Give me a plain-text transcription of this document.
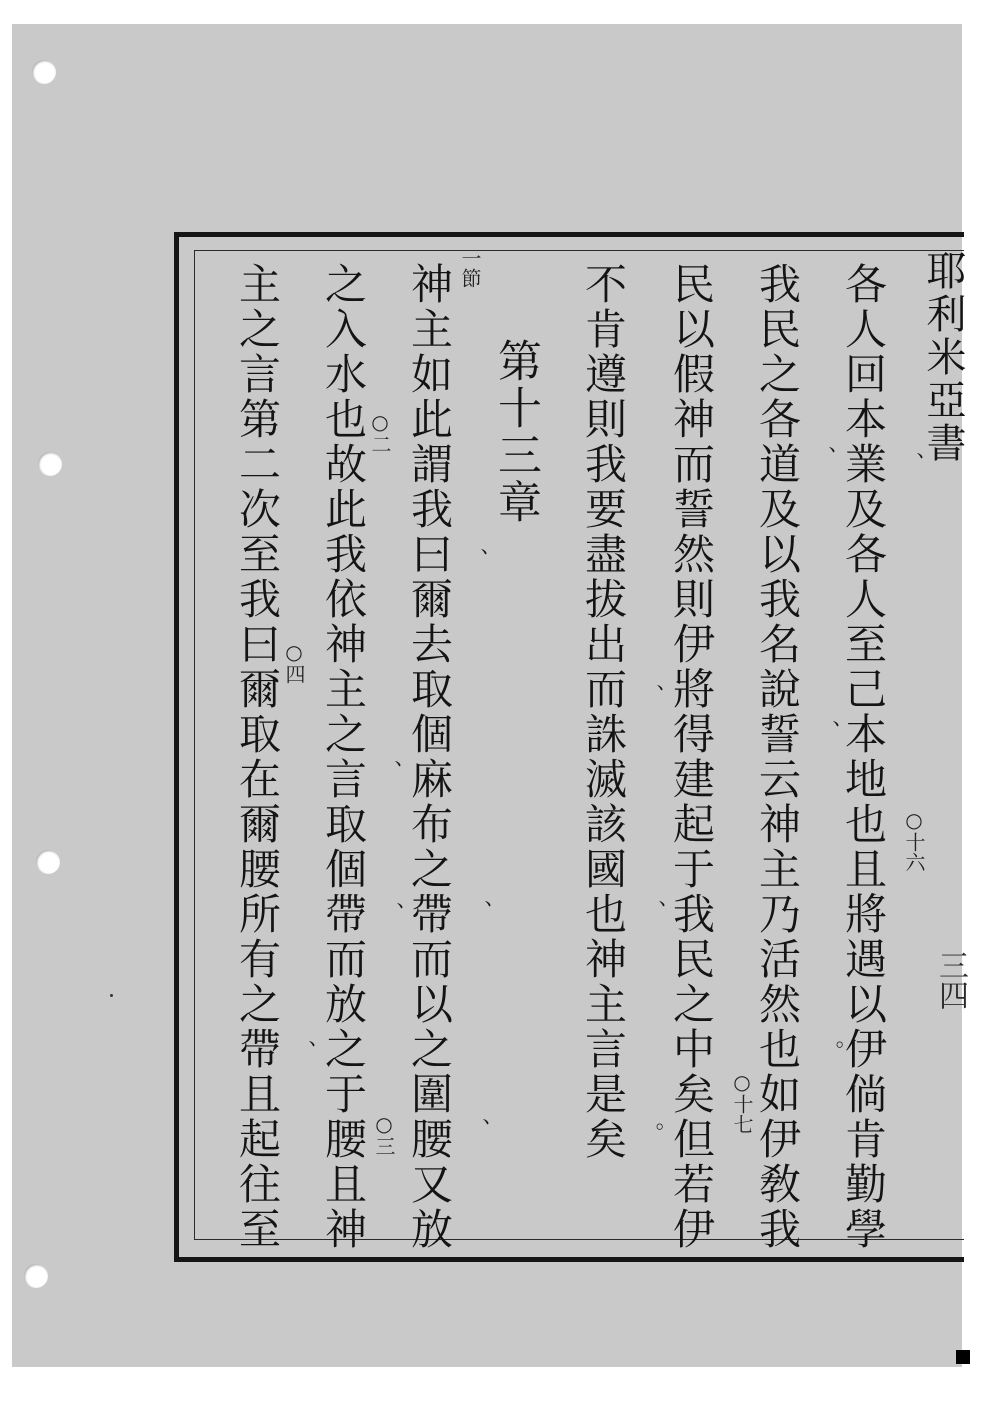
耶利米亞書
三四
各人回本業及各人至己本地也且將遇以伊倘肯勤學
我民之各道及以我名說誓云神主乃活然也如伊敎我
民以假神而誓然則伊將得建起于我民之中矣但若伊
不肯遵則我要盡拔出而誅滅該國也神主言是矣
第十三章
神主如此謂我曰爾去取個麻布之帶而以之圍腰又放
之入水也故此我依神主之言取個帶而放之于腰且神
主之言第二次至我曰爾取在爾腰所有之帶且起往至	○十六
○十七
一節
○二
○三
○四
、
、
、
、
、
。
。
、
、
、
、
、
、
